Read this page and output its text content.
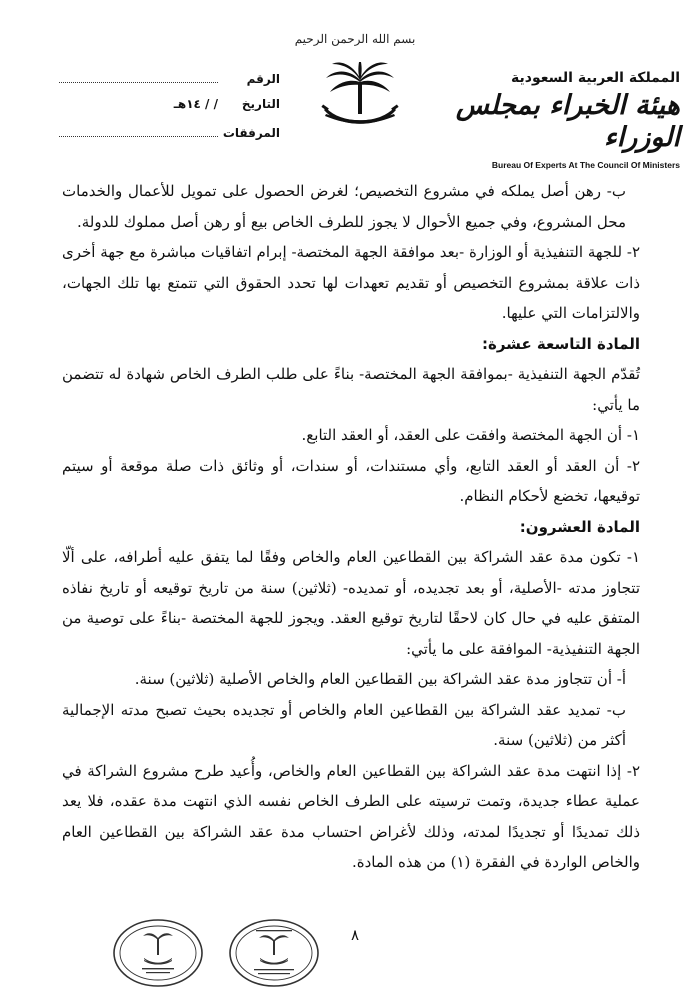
بسم الله الرحمن الرحيم
الرقم
التاريخ
/ / ١٤هـ
المرفقات
المملكة العربية السعودية
هيئة الخبراء بمجلس الوزراء
Bureau Of Experts At The Council Of Ministers

ب- رهن أصل يملكه في مشروع التخصيص؛ لغرض الحصول على تمويل للأعمال والخدمات محل المشروع، وفي جميع الأحوال لا يجوز للطرف الخاص بيع أو رهن أصل مملوك للدولة.

٢- للجهة التنفيذية أو الوزارة -بعد موافقة الجهة المختصة- إبرام اتفاقيات مباشرة مع جهة أخرى ذات علاقة بمشروع التخصيص أو تقديم تعهدات لها تحدد الحقوق التي تتمتع بها تلك الجهات، والالتزامات التي عليها.

المادة التاسعة عشرة:

تُقدّم الجهة التنفيذية -بموافقة الجهة المختصة- بناءً على طلب الطرف الخاص شهادة له تتضمن ما يأتي:

١- أن الجهة المختصة وافقت على العقد، أو العقد التابع.

٢- أن العقد أو العقد التابع، وأي مستندات، أو سندات، أو وثائق ذات صلة موقعة أو سيتم توقيعها، تخضع لأحكام النظام.

المادة العشرون:

١- تكون مدة عقد الشراكة بين القطاعين العام والخاص وفقًا لما يتفق عليه أطرافه، على ألّا تتجاوز مدته -الأصلية، أو بعد تجديده، أو تمديده- (ثلاثين) سنة من تاريخ توقيعه أو تاريخ نفاذه المتفق عليه في حال كان لاحقًا لتاريخ توقيع العقد. ويجوز للجهة المختصة -بناءً على توصية من الجهة التنفيذية- الموافقة على ما يأتي:

أ- أن تتجاوز مدة عقد الشراكة بين القطاعين العام والخاص الأصلية (ثلاثين) سنة.

ب- تمديد عقد الشراكة بين القطاعين العام والخاص أو تجديده بحيث تصبح مدته الإجمالية أكثر من (ثلاثين) سنة.

٢- إذا انتهت مدة عقد الشراكة بين القطاعين العام والخاص، وأُعيد طرح مشروع الشراكة في عملية عطاء جديدة، وتمت ترسيته على الطرف الخاص نفسه الذي انتهت مدة عقده، فلا يعد ذلك تمديدًا أو تجديدًا لمدته، وذلك لأغراض احتساب مدة عقد الشراكة بين القطاعين العام والخاص الواردة في الفقرة (١) من هذه المادة.

٨
